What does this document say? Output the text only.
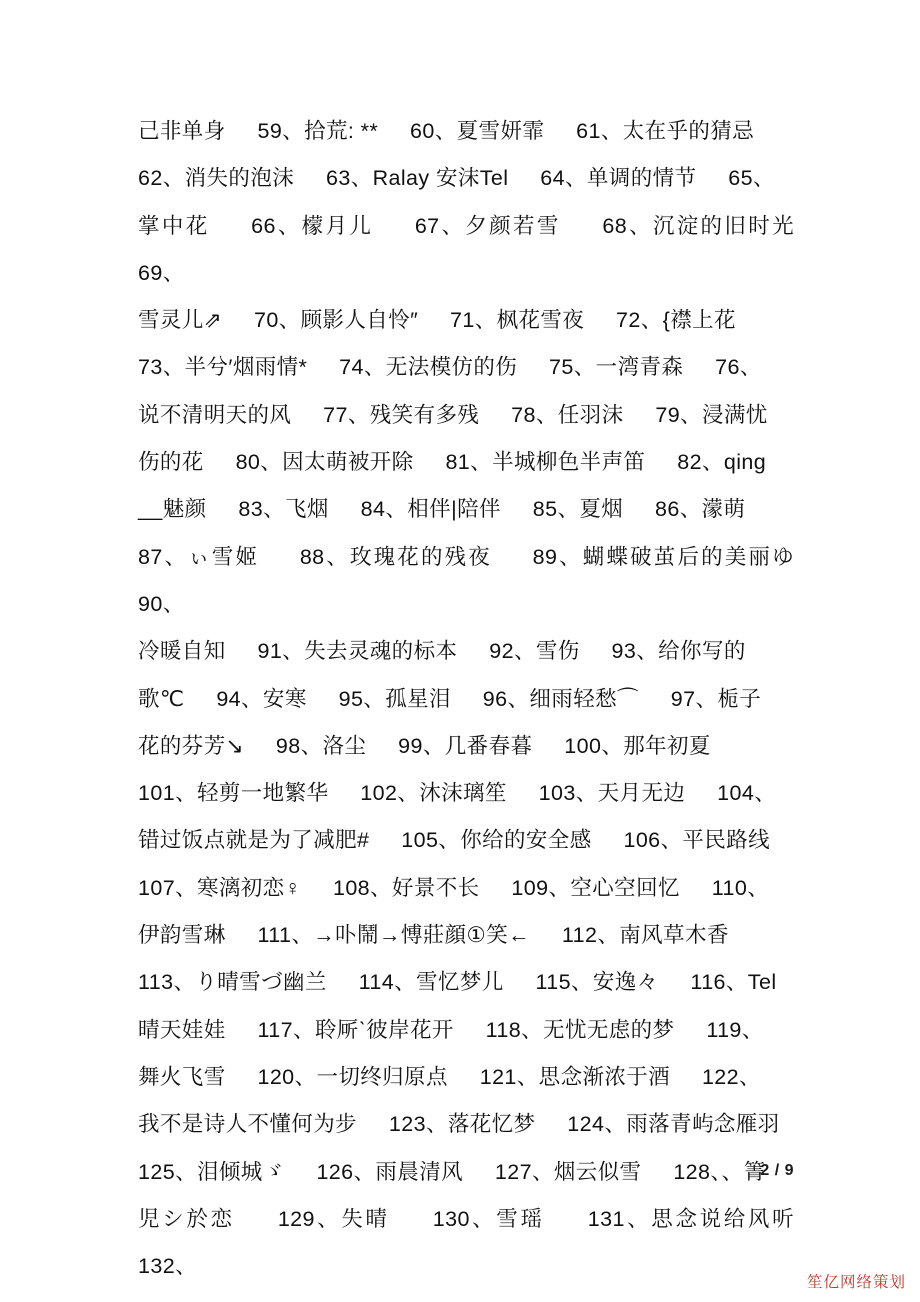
己非单身     59、拾荒: **     60、夏雪妍霏     61、太在乎的猜忌
62、消失的泡沫     63、Ralay 安沫Tel     64、单调的情节     65、
掌中花     66、檬月儿     67、夕颜若雪     68、沉淀的旧时光     69、
雪灵儿⇗     70、顾影人自怜″     71、枫花雪夜     72、{襟上花
73、半兮′烟雨情*     74、无法模仿的伤     75、一湾青森     76、
说不清明天的风     77、残笑有多残     78、任羽沫     79、浸满忧
伤的花     80、因太萌被开除     81、半城柳色半声笛     82、qing
__魅颜     83、飞烟     84、相伴|陪伴     85、夏烟     86、濛萌
87、ぃ雪姬     88、玫瑰花的残夜     89、蝴蝶破茧后的美丽ゆ     90、
冷暖自知     91、失去灵魂的标本     92、雪伤     93、给你写的
歌℃     94、安寒     95、孤星泪     96、细雨轻愁⌒     97、栀子
花的芬芳↘     98、洛尘     99、几番春暮     100、那年初夏
101、轻剪一地繁华     102、沐沫璃笙     103、天月无边     104、
错过饭点就是为了减肥#     105、你给的安全感     106、平民路线
107、寒漓初恋♀     108、好景不长     109、空心空回忆     110、
伊韵雪琳     111、→卟鬧→愽莊顔①笑←     112、南风草木香
113、り晴雪づ幽兰     114、雪忆梦儿     115、安逸々     116、Tel
晴天娃娃     117、聆厛ˋ彼岸花开     118、无忧无虑的梦     119、
舞火飞雪     120、一切终归原点     121、思念渐浓于酒     122、
我不是诗人不懂何为步     123、落花忆梦     124、雨落青屿念雁羽
125、泪倾城ゞ     126、雨晨清风     127、烟云似雪     128、、箐
児シ於恋     129、失晴     130、雪瑶     131、思念说给风听     132、
2 / 9
笙亿网络策划
